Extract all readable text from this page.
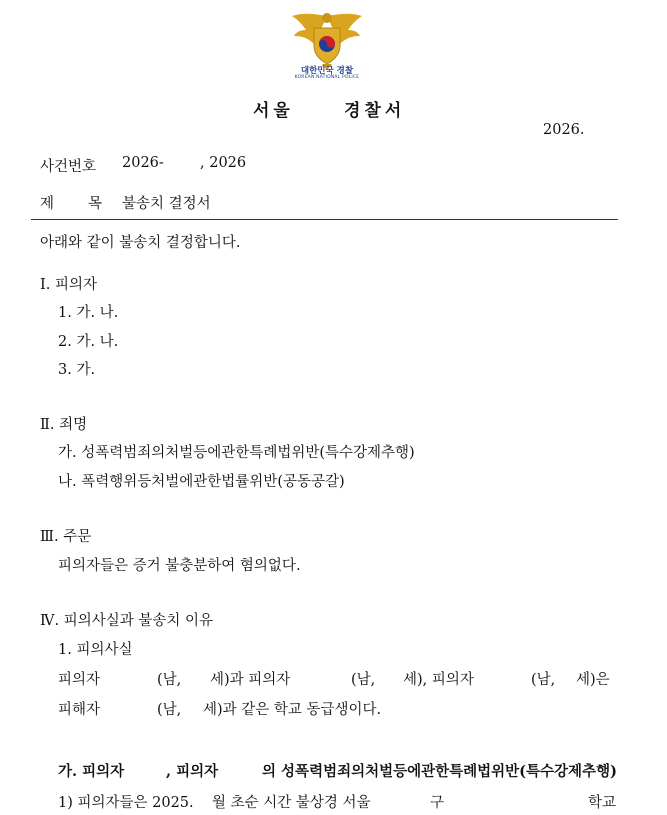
대한민국 경찰
KOREAN NATIONAL POLICE
서울	경찰서
2026.
사건번호 2026- , 2026
제 목 불송치 결정서
아래와 같이 불송치 결정합니다.
Ⅰ. 피의자
1. 가. 나.
2. 가. 나.
3. 가.
Ⅱ. 죄명
가. 성폭력범죄의처벌등에관한특례법위반(특수강제추행)
나. 폭력행위등처벌에관한법률위반(공동공갈)
Ⅲ. 주문
피의자들은 증거 불충분하여 혐의없다.
Ⅳ. 피의사실과 불송치 이유
1. 피의사실
피의자	(남, 세)과 피의자	(남, 세), 피의자	(남, 세)은
피해자	(남, 세)과 같은 학교 동급생이다.
가. 피의자	, 피의자	의 성폭력범죄의처벌등에관한특례법위반(특수강제추행)
1) 피의자들은 2025. 월 초순 시간 불상경 서울	구	학교
